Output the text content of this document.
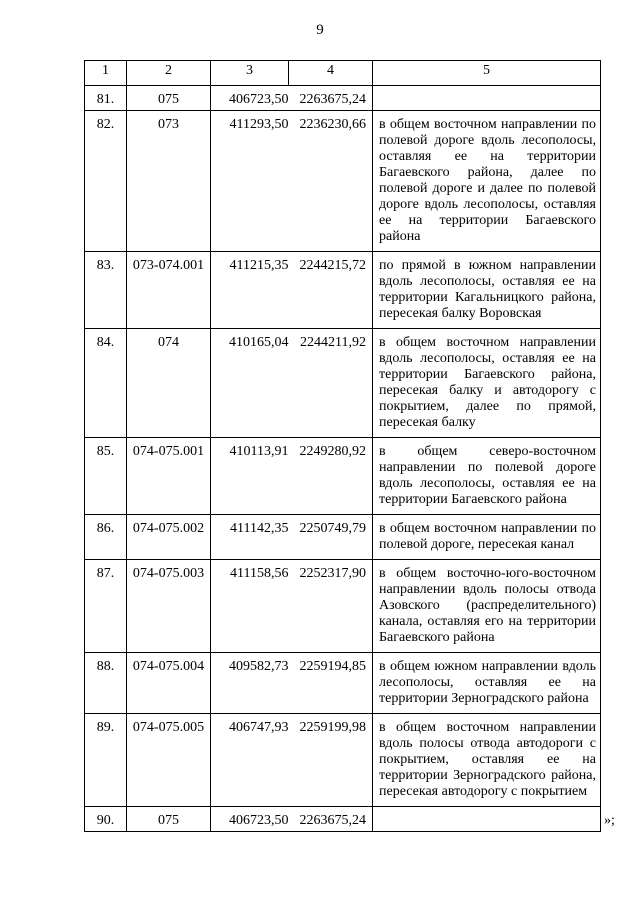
9
1	2	3	4	5
81.	075	406723,50	2263675,24	
82.	073	411293,50	2236230,66	в общем восточном направлении по полевой дороге вдоль лесополосы, оставляя ее на территории Багаевского района, далее по полевой дороге и далее по полевой дороге вдоль лесополосы, оставляя ее на территории Багаевского района
83.	073-074.001	411215,35	2244215,72	по прямой в южном направлении вдоль лесополосы, оставляя ее на территории Кагальницкого района, пересекая балку Воровская
84.	074	410165,04	2244211,92	в общем восточном направлении вдоль лесополосы, оставляя ее на территории Багаевского района, пересекая балку и автодорогу с покрытием, далее по прямой, пересекая балку
85.	074-075.001	410113,91	2249280,92	в общем северо-восточном направлении по полевой дороге вдоль лесополосы, оставляя ее на территории Багаевского района
86.	074-075.002	411142,35	2250749,79	в общем восточном направлении по полевой дороге, пересекая канал
87.	074-075.003	411158,56	2252317,90	в общем восточно-юго-восточном направлении вдоль полосы отвода Азовского (распределительного) канала, оставляя его на территории Багаевского района
88.	074-075.004	409582,73	2259194,85	в общем южном направлении вдоль лесополосы, оставляя ее на территории Зерноградского района
89.	074-075.005	406747,93	2259199,98	в общем восточном направлении вдоль полосы отвода автодороги с покрытием, оставляя ее на территории Зерноградского района, пересекая автодорогу с покрытием
90.	075	406723,50	2263675,24		»;
